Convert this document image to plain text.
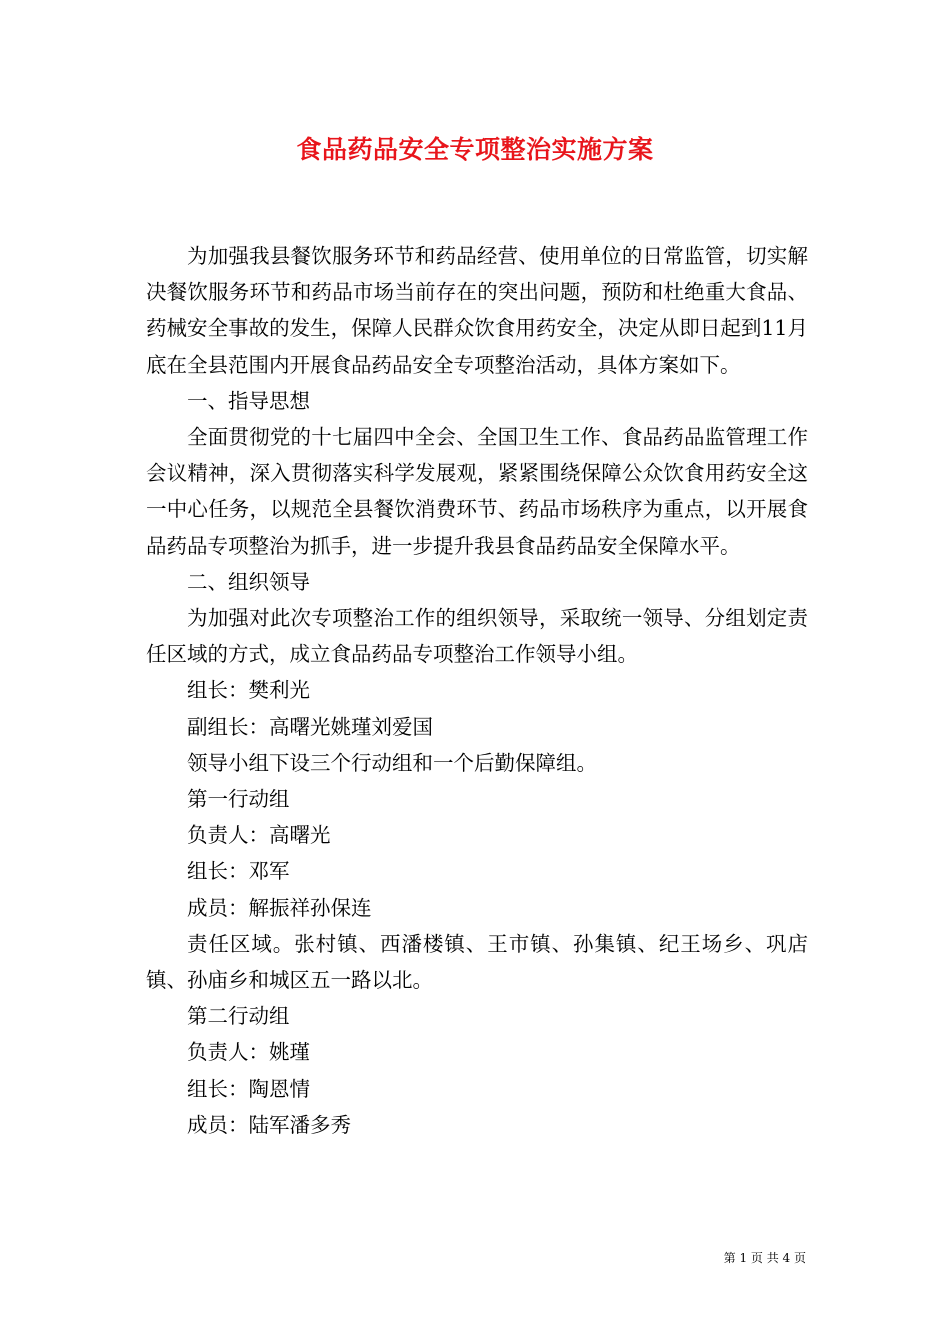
食品药品安全专项整治实施方案

为加强我县餐饮服务环节和药品经营、使用单位的日常监管，切实解决餐饮服务环节和药品市场当前存在的突出问题，预防和杜绝重大食品、药械安全事故的发生，保障人民群众饮食用药安全，决定从即日起到11月底在全县范围内开展食品药品安全专项整治活动，具体方案如下。

一、指导思想

全面贯彻党的十七届四中全会、全国卫生工作、食品药品监管理工作会议精神，深入贯彻落实科学发展观，紧紧围绕保障公众饮食用药安全这一中心任务，以规范全县餐饮消费环节、药品市场秩序为重点，以开展食品药品专项整治为抓手，进一步提升我县食品药品安全保障水平。

二、组织领导

为加强对此次专项整治工作的组织领导，采取统一领导、分组划定责任区域的方式，成立食品药品专项整治工作领导小组。

组长：樊利光

副组长：高曙光姚瑾刘爱国

领导小组下设三个行动组和一个后勤保障组。

第一行动组

负责人：高曙光

组长：邓军

成员：解振祥孙保连

责任区域。张村镇、西潘楼镇、王市镇、孙集镇、纪王场乡、巩店镇、孙庙乡和城区五一路以北。

第二行动组

负责人：姚瑾

组长：陶恩情

成员：陆军潘多秀

第 1 页 共 4 页
